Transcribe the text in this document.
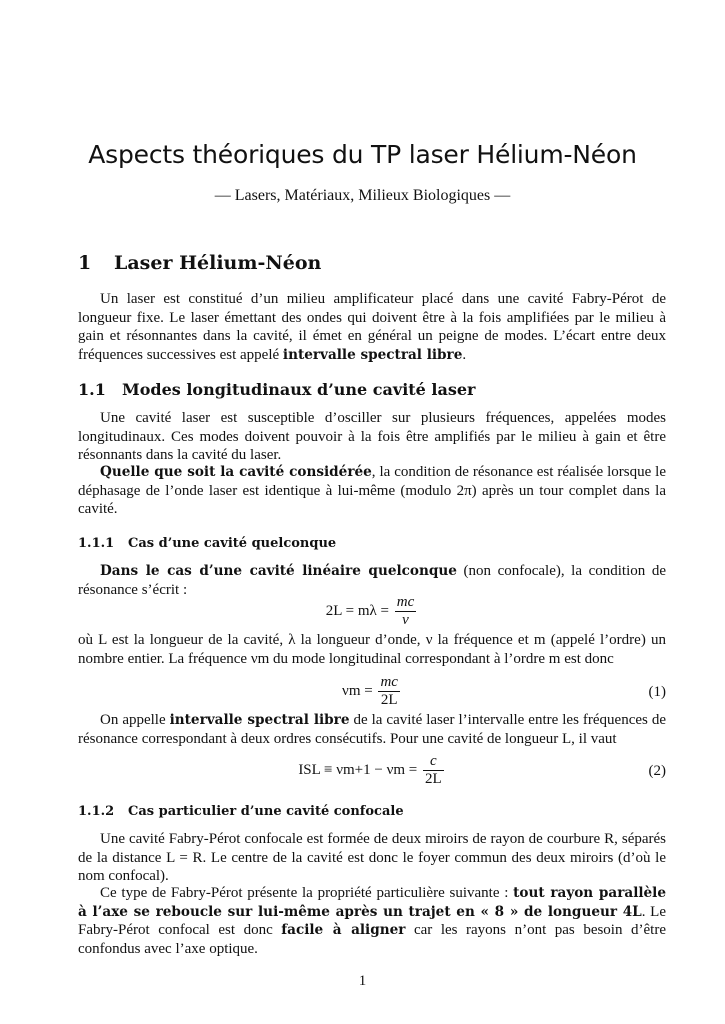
Aspects théoriques du TP laser Hélium-Néon
— Lasers, Matériaux, Milieux Biologiques —
1 Laser Hélium-Néon
Un laser est constitué d’un milieu amplificateur placé dans une cavité Fabry-Pérot de longueur fixe. Le laser émettant des ondes qui doivent être à la fois amplifiées par le milieu à gain et résonnantes dans la cavité, il émet en général un peigne de modes. L’écart entre deux fréquences successives est appelé intervalle spectral libre.
1.1 Modes longitudinaux d’une cavité laser
Une cavité laser est susceptible d’osciller sur plusieurs fréquences, appelées modes longitudinaux. Ces modes doivent pouvoir à la fois être amplifiés par le milieu à gain et être résonnants dans la cavité du laser.
Quelle que soit la cavité considérée, la condition de résonance est réalisée lorsque le déphasage de l’onde laser est identique à lui-même (modulo 2π) après un tour complet dans la cavité.
1.1.1 Cas d’une cavité quelconque
Dans le cas d’une cavité linéaire quelconque (non confocale), la condition de résonance s’écrit :
$2L = m\lambda = \frac{mc}{\nu}$
où L est la longueur de la cavité, λ la longueur d’onde, ν la fréquence et m (appelé l’ordre) un nombre entier. La fréquence νm du mode longitudinal correspondant à l’ordre m est donc
$\nu m = \frac{mc}{2L}$	(1)
On appelle intervalle spectral libre de la cavité laser l’intervalle entre les fréquences de résonance correspondant à deux ordres consécutifs. Pour une cavité de longueur L, il vaut
ISL ≡ $\nu m+1 - \nu m = \frac{c}{2L}$	(2)
1.1.2 Cas particulier d’une cavité confocale
Une cavité Fabry-Pérot confocale est formée de deux miroirs de rayon de courbure R, séparés de la distance L = R. Le centre de la cavité est donc le foyer commun des deux miroirs (d’où le nom confocal).
Ce type de Fabry-Pérot présente la propriété particulière suivante : tout rayon parallèle à l’axe se reboucle sur lui-même après un trajet en « 8 » de longueur 4L. Le Fabry-Pérot confocal est donc facile à aligner car les rayons n’ont pas besoin d’être confondus avec l’axe optique.
1
